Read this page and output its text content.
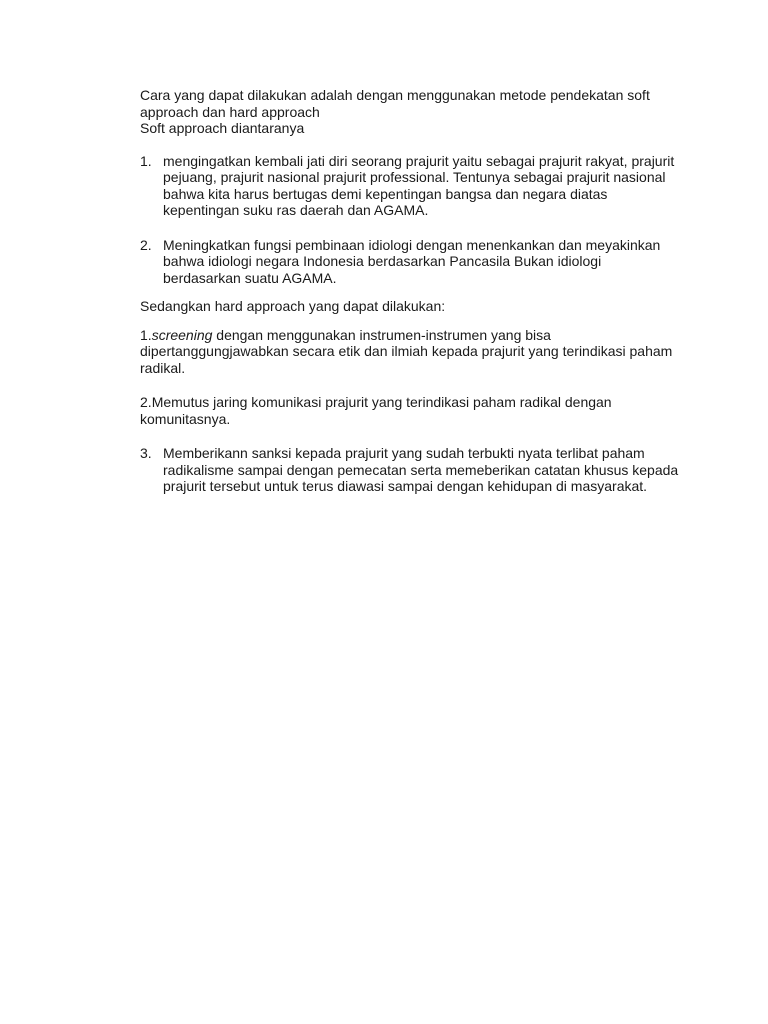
Cara yang dapat dilakukan adalah dengan menggunakan metode pendekatan soft approach dan hard approach

Soft approach diantaranya

1. mengingatkan kembali jati diri seorang prajurit yaitu sebagai prajurit rakyat, prajurit pejuang, prajurit nasional prajurit professional. Tentunya sebagai prajurit nasional bahwa kita harus bertugas demi kepentingan bangsa dan negara diatas kepentingan suku ras daerah dan AGAMA.
2. Meningkatkan fungsi pembinaan idiologi dengan menenkankan dan meyakinkan bahwa idiologi negara Indonesia berdasarkan Pancasila Bukan idiologi berdasarkan suatu AGAMA.

Sedangkan hard approach yang dapat dilakukan:

1.screening dengan menggunakan instrumen-instrumen yang bisa dipertanggungjawabkan secara etik dan ilmiah kepada prajurit yang terindikasi paham radikal.

2.Memutus jaring komunikasi prajurit yang terindikasi paham radikal dengan komunitasnya.

3. Memberikann sanksi kepada prajurit yang sudah terbukti nyata terlibat paham radikalisme sampai dengan pemecatan serta memeberikan catatan khusus kepada prajurit tersebut untuk terus diawasi sampai dengan kehidupan di masyarakat.
